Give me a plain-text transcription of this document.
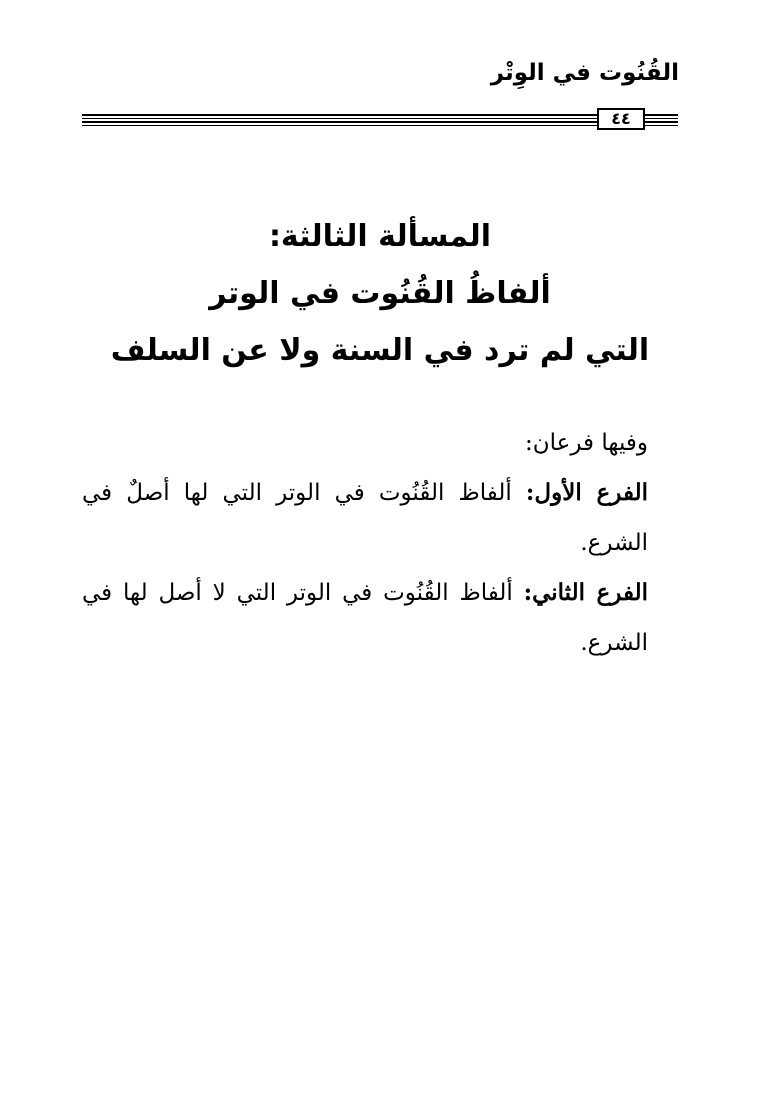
القُنُوت في الوِتْر
٤٤
المسألة الثالثة:
ألفاظُ القُنُوت في الوتر
التي لم ترد في السنة ولا عن السلف

وفيها فرعان:

الفرع الأول: ألفاظ القُنُوت في الوتر التي لها أصلٌ في الشرع.

الفرع الثاني: ألفاظ القُنُوت في الوتر التي لا أصل لها في الشرع.
